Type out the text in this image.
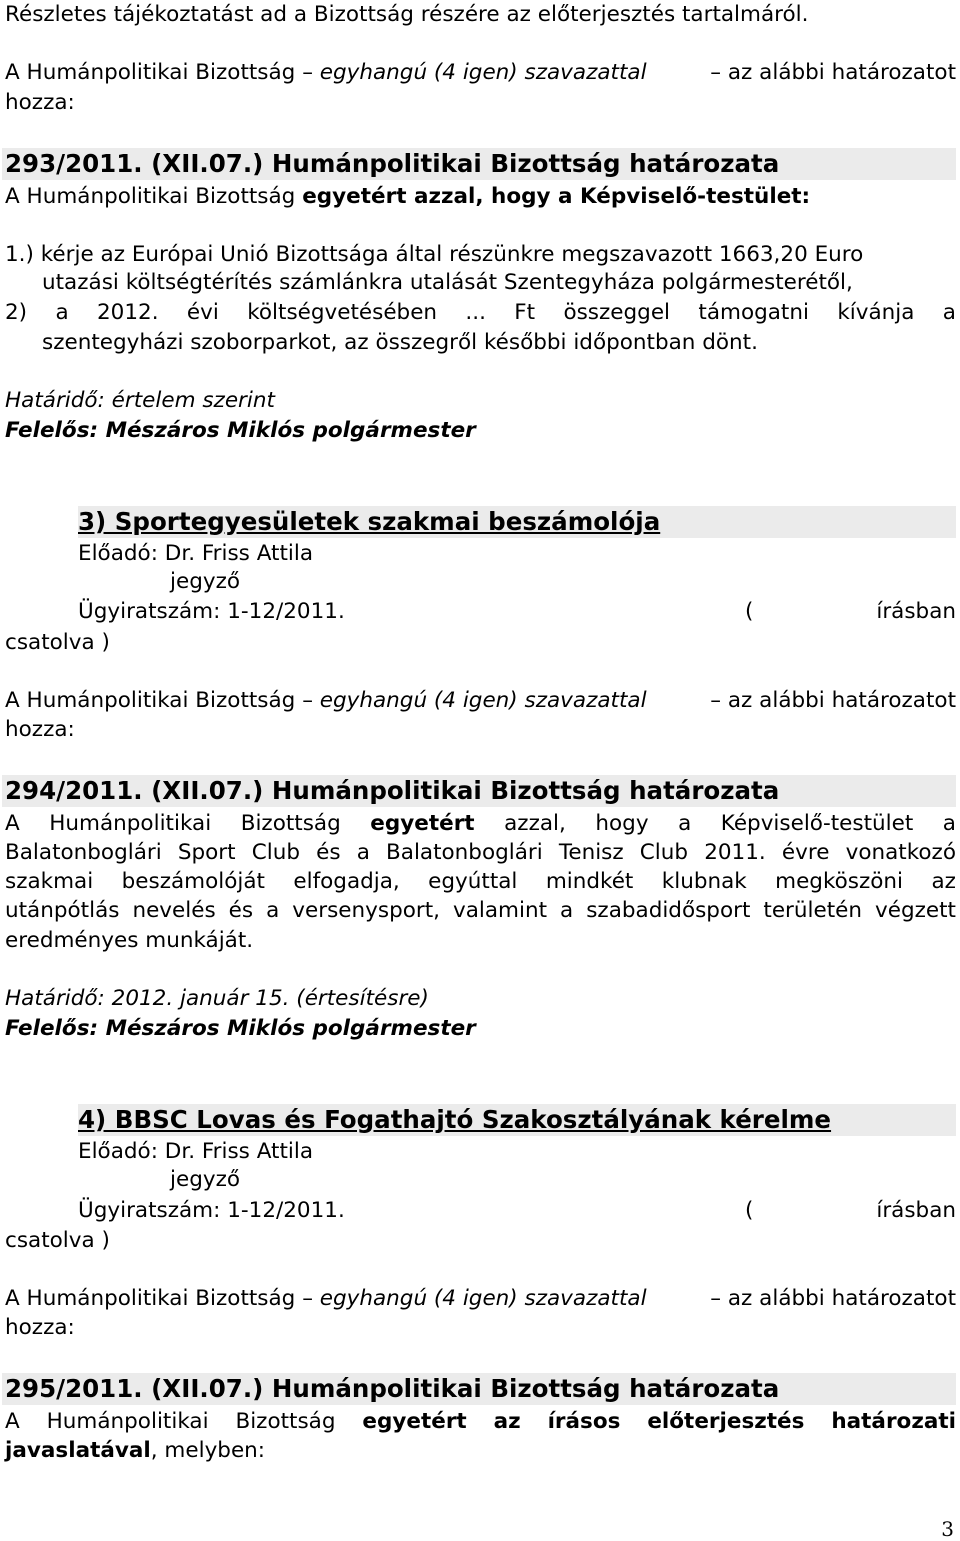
Részletes tájékoztatást ad a Bizottság részére az előterjesztés tartalmáról.
A Humánpolitikai Bizottság – egyhangú (4 igen) szavazattal	– az alábbi határozatot
hozza:
293/2011. (XII.07.) Humánpolitikai Bizottság határozata
A Humánpolitikai Bizottság egyetért azzal, hogy a Képviselő-testület:
1.) kérje az Európai Unió Bizottsága által részünkre megszavazott 1663,20 Euro
utazási költségtérítés számlánkra utalását Szentegyháza polgármesterétől,
2) a 2012. évi költségvetésében ... Ft összeggel támogatni kívánja a
szentegyházi szoborparkot, az összegről későbbi időpontban dönt.
Határidő: értelem szerint
Felelős: Mészáros Miklós polgármester
3) Sportegyesületek szakmai beszámolója
Előadó: Dr. Friss Attila
jegyző
Ügyiratszám: 1-12/2011.	(	írásban
csatolva )
A Humánpolitikai Bizottság – egyhangú (4 igen) szavazattal	– az alábbi határozatot
hozza:
294/2011. (XII.07.) Humánpolitikai Bizottság határozata
A Humánpolitikai Bizottság egyetért azzal, hogy a Képviselő-testület a
Balatonboglári Sport Club és a Balatonboglári Tenisz Club 2011. évre vonatkozó
szakmai beszámolóját elfogadja, egyúttal mindkét klubnak megköszöni az
utánpótlás nevelés és a versenysport, valamint a szabadidősport területén végzett
eredményes munkáját.
Határidő: 2012. január 15. (értesítésre)
Felelős: Mészáros Miklós polgármester
4) BBSC Lovas és Fogathajtó Szakosztályának kérelme
Előadó: Dr. Friss Attila
jegyző
Ügyiratszám: 1-12/2011.	(	írásban
csatolva )
A Humánpolitikai Bizottság – egyhangú (4 igen) szavazattal	– az alábbi határozatot
hozza:
295/2011. (XII.07.) Humánpolitikai Bizottság határozata
A Humánpolitikai Bizottság egyetért az írásos előterjesztés határozati
javaslatával, melyben:
3
